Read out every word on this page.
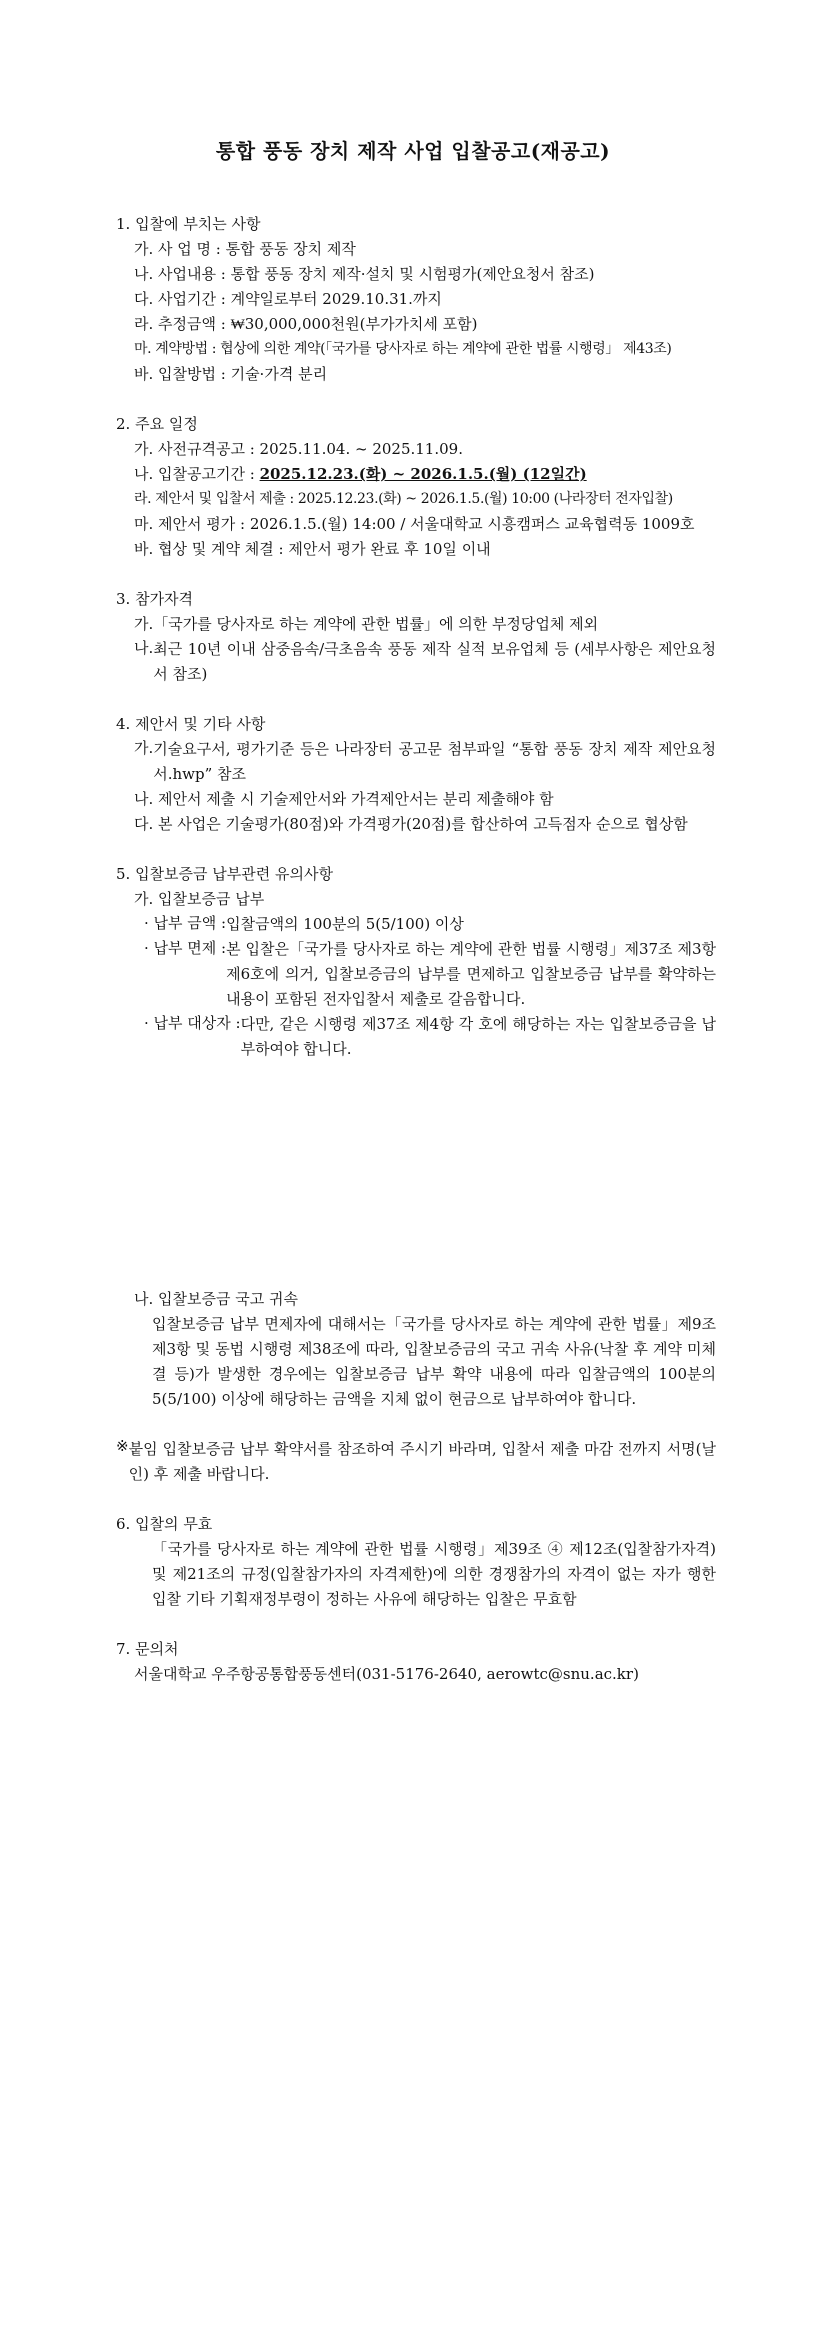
통합 풍동 장치 제작 사업 입찰공고(재공고)
1. 입찰에 부치는 사항
가. 사 업 명 : 통합 풍동 장치 제작
나. 사업내용 : 통합 풍동 장치 제작·설치 및 시험평가(제안요청서 참조)
다. 사업기간 : 계약일로부터 2029.10.31.까지
라. 추정금액 : ₩30,000,000천원(부가가치세 포함)
마. 계약방법 : 협상에 의한 계약(「국가를 당사자로 하는 계약에 관한 법률 시행령」 제43조)
바. 입찰방법 : 기술·가격 분리
2. 주요 일정
가. 사전규격공고 : 2025.11.04. ~ 2025.11.09.
나. 입찰공고기간 : 2025.12.23.(화) ~ 2026.1.5.(월) (12일간)
라. 제안서 및 입찰서 제출 : 2025.12.23.(화) ~ 2026.1.5.(월) 10:00 (나라장터 전자입찰)
마. 제안서 평가 : 2026.1.5.(월) 14:00 / 서울대학교 시흥캠퍼스 교육협력동 1009호
바. 협상 및 계약 체결 : 제안서 평가 완료 후 10일 이내
3. 참가자격
가.「국가를 당사자로 하는 계약에 관한 법률」에 의한 부정당업체 제외
나. 최근 10년 이내 삼중음속/극초음속 풍동 제작 실적 보유업체 등 (세부사항은 제안요청서 참조)
4. 제안서 및 기타 사항
가. 기술요구서, 평가기준 등은 나라장터 공고문 첨부파일 “통합 풍동 장치 제작 제안요청서.hwp” 참조
나. 제안서 제출 시 기술제안서와 가격제안서는 분리 제출해야 함
다. 본 사업은 기술평가(80점)와 가격평가(20점)를 합산하여 고득점자 순으로 협상함
5. 입찰보증금 납부관련 유의사항
가. 입찰보증금 납부
· 납부 금액 : 입찰금액의 100분의 5(5/100) 이상
· 납부 면제 : 본 입찰은「국가를 당사자로 하는 계약에 관한 법률 시행령」제37조 제3항 제6호에 의거, 입찰보증금의 납부를 면제하고 입찰보증금 납부를 확약하는 내용이 포함된 전자입찰서 제출로 갈음합니다.
· 납부 대상자 : 다만, 같은 시행령 제37조 제4항 각 호에 해당하는 자는 입찰보증금을 납부하여야 합니다.
나. 입찰보증금 국고 귀속
입찰보증금 납부 면제자에 대해서는「국가를 당사자로 하는 계약에 관한 법률」제9조 제3항 및 동법 시행령 제38조에 따라, 입찰보증금의 국고 귀속 사유(낙찰 후 계약 미체결 등)가 발생한 경우에는 입찰보증금 납부 확약 내용에 따라 입찰금액의 100분의 5(5/100) 이상에 해당하는 금액을 지체 없이 현금으로 납부하여야 합니다.
※ 붙임 입찰보증금 납부 확약서를 참조하여 주시기 바라며, 입찰서 제출 마감 전까지 서명(날인) 후 제출 바랍니다.
6. 입찰의 무효
「국가를 당사자로 하는 계약에 관한 법률 시행령」제39조 ④ 제12조(입찰참가자격) 및 제21조의 규정(입찰참가자의 자격제한)에 의한 경쟁참가의 자격이 없는 자가 행한 입찰 기타 기획재정부령이 정하는 사유에 해당하는 입찰은 무효함
7. 문의처
서울대학교 우주항공통합풍동센터(031-5176-2640, aerowtc@snu.ac.kr)
